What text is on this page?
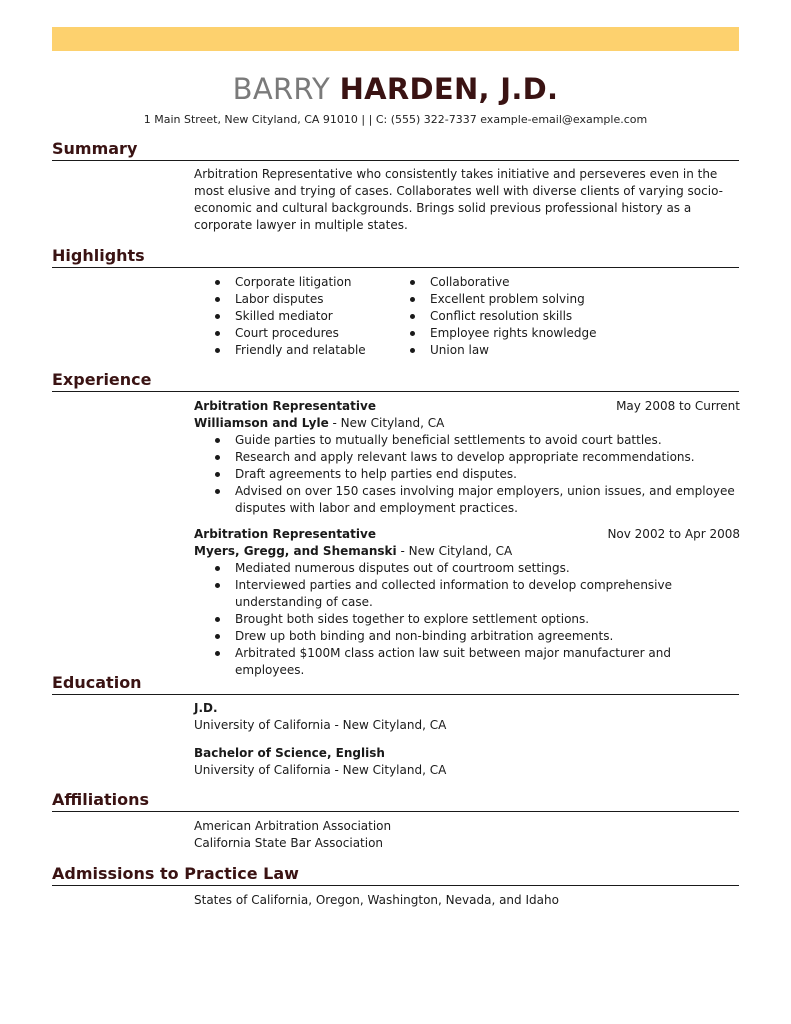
BARRY HARDEN, J.D.
1 Main Street, New Cityland, CA 91010 | | C: (555) 322-7337 example-email@example.com
Summary
Arbitration Representative who consistently takes initiative and perseveres even in the most elusive and trying of cases. Collaborates well with diverse clients of varying socio-economic and cultural backgrounds. Brings solid previous professional history as a corporate lawyer in multiple states.
Highlights
Corporate litigation
Labor disputes
Skilled mediator
Court procedures
Friendly and relatable
Collaborative
Excellent problem solving
Conflict resolution skills
Employee rights knowledge
Union law
Experience
Arbitration Representative	May 2008 to Current
Williamson and Lyle - New Cityland, CA
Guide parties to mutually beneficial settlements to avoid court battles.
Research and apply relevant laws to develop appropriate recommendations.
Draft agreements to help parties end disputes.
Advised on over 150 cases involving major employers, union issues, and employee disputes with labor and employment practices.
Arbitration Representative	Nov 2002 to Apr 2008
Myers, Gregg, and Shemanski - New Cityland, CA
Mediated numerous disputes out of courtroom settings.
Interviewed parties and collected information to develop comprehensive understanding of case.
Brought both sides together to explore settlement options.
Drew up both binding and non-binding arbitration agreements.
Arbitrated $100M class action law suit between major manufacturer and employees.
Education
J.D.
University of California - New Cityland, CA
Bachelor of Science, English
University of California - New Cityland, CA
Affiliations
American Arbitration Association
California State Bar Association
Admissions to Practice Law
States of California, Oregon, Washington, Nevada, and Idaho
